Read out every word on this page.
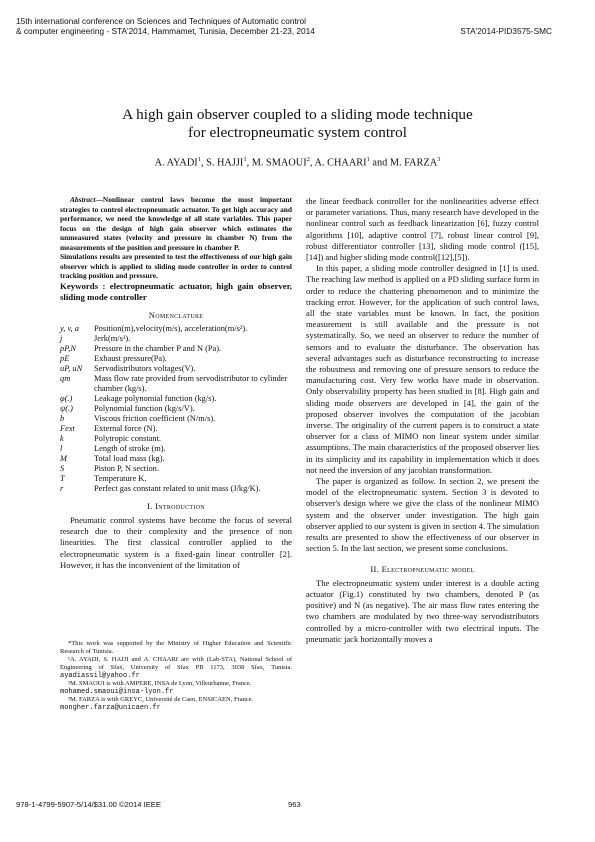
15th international conference on Sciences and Techniques of Automatic control
& computer engineering - STA'2014, Hammamet, Tunisia, December 21-23, 2014	STA'2014-PID3575-SMC
A high gain observer coupled to a sliding mode technique
for electropneumatic system control
A. AYADI$^1$, S. HAJJI$^1$, M. SMAOUI$^2$, A. CHAARI$^1$ and M. FARZA$^3$

Abstract—Nonlinear control laws become the most important strategies to control electropneumatic actuator. To get high accuracy and performance, we need the knowledge of all state variables. This paper focus on the design of high gain observer which estimates the unmeasured states (velocity and pressure in chamber N) from the measurements of the position and pressure in chamber P.

Simulations results are presented to test the effectiveness of our high gain observer which is applied to sliding mode controller in order to control tracking position and pressure.

Keywords : electropneumatic actuator, high gain observer, sliding mode controller
Nomenclature
y, v, a	Position(m),velocity(m/s), acceleration(m/s²).
j	Jerk(m/s³).
pP,N	Pressure in the chamber P and N (Pa).
pE	Exhaust pressure(Pa).
uP, uN	Servodistributors voltages(V).
qm	Mass flow rate provided from servodistributor to cylinder chamber (kg/s).
φ(.)	Leakage polynomial function (kg/s).
ψ(.)	Polynomial function (kg/s/V).
b	Viscous friction coefficient (N/m/s).
Fext	External force (N).
k	Polytropic constant.
l	Length of stroke (m).
M	Total load mass (kg).
S	Piston P, N section.
T	Temperature K.
r	Perfect gas constant related to unit mass (J/kg/K).
I. Introduction

Pneumatic control systems have become the focus of several research due to their complexity and the presence of non linearities. The first classical controller applied to the electropneumatic system is a fixed-gain linear controller [2]. However, it has the inconvenient of the limitation of

*This work was supported by the Ministry of Higher Education and Scientific Research of Tunisia.

¹A. AYADI, S. HAJJI and A. CHAARI are with (Lab-STA), National School of Engineering of Sfax, University of Sfax PB 1173, 3038 Sfax, Tunisia. ayadiassil@yahoo.fr

²M. SMAOUI is with AMPERE, INSA de Lyon, Villeurbanne, France.
mohamed.smaoui@insa-lyon.fr

³M. FARZA is with GREYC, Université de Caen, ENSICAEN, France.
mongher.farza@unicaen.fr

the linear feedback controller for the nonlinearities adverse effect or parameter variations. Thus, many research have developed in the nonlinear control such as feedback linearization [6], fuzzy control algorithms [10], adaptive control [7], robust linear control [9], robust differentiator controller [13], sliding mode control ([15],[14]) and higher sliding mode control([12],[5]).

In this paper, a sliding mode controller designed in [1] is used. The reaching law method is applied on a PD sliding surface form in order to reduce the chattering phenomenon and to minimize the tracking error. However, for the application of such control laws, all the state variables must be known. In fact, the position measurement is still available and the pressure is not systematically. So, we need an observer to reduce the number of sensors and to evaluate the disturbance. The observation has several advantages such as disturbance reconstructing to increase the robustness and removing one of pressure sensors to reduce the manufacturing cost. Very few works have made in observation. Only observability property has been studied in [8]. High gain and sliding mode observers are developed in [4], the gain of the proposed observer involves the computation of the jacobian inverse. The originality of the current papers is to construct a state observer for a class of MIMO non linear system under similar assumptions. The main characteristics of the proposed observer lies in its simplicity and its capability in implementation which it does not need the inversion of any jacobian transformation.

The paper is organized as follow. In section 2, we present the model of the electropneumatic system. Section 3 is devoted to observer's design where we give the class of the nonlinear MIMO system and the observer under investigation. The high gain observer applied to our system is given in section 4. The simulation results are presented to show the effectiveness of our observer in section 5. In the last section, we present some conclusions.

II. Electropneumatic model

The electropneumatic system under interest is a double acting actuator (Fig.1) constituted by two chambers, denoted P (as positive) and N (as negative). The air mass flow rates entering the two chambers are modulated by two three-way servodistributors controlled by a micro-controller with two electrical inputs. The pneumatic jack horizontally moves a

978-1-4799-5907-5/14/$31.00 ©2014 IEEE	963
